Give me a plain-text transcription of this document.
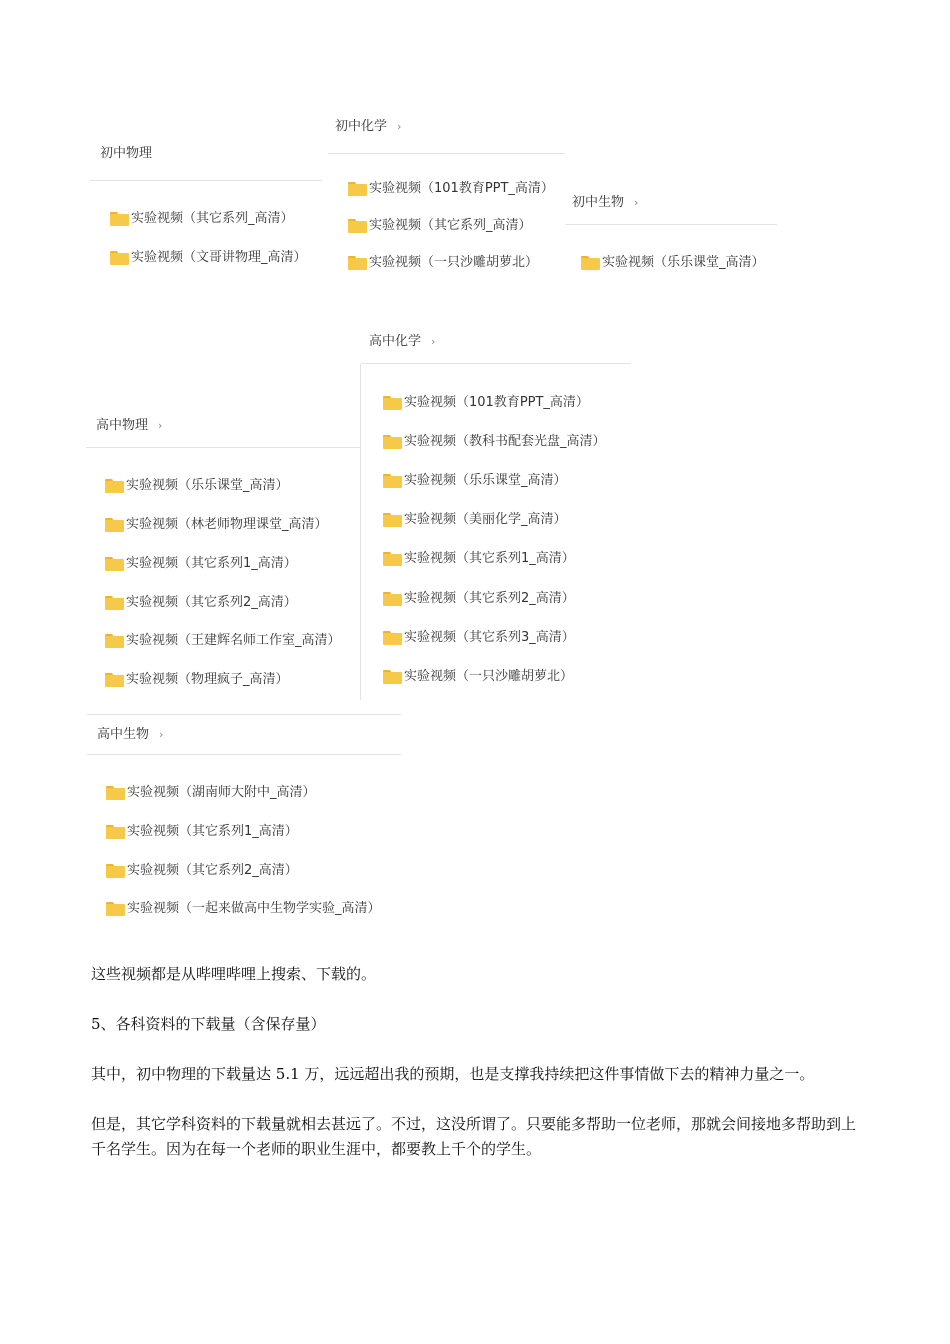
初中物理
实验视频（其它系列_高清）
实验视频（文哥讲物理_高清）
初中化学 ›
实验视频（101教育PPT_高清）
实验视频（其它系列_高清）
实验视频（一只沙雕胡萝北）
初中生物 ›
实验视频（乐乐课堂_高清）
高中化学 ›
实验视频（101教育PPT_高清）
实验视频（教科书配套光盘_高清）
实验视频（乐乐课堂_高清）
实验视频（美丽化学_高清）
实验视频（其它系列1_高清）
实验视频（其它系列2_高清）
实验视频（其它系列3_高清）
实验视频（一只沙雕胡萝北）
高中物理 ›
实验视频（乐乐课堂_高清）
实验视频（林老师物理课堂_高清）
实验视频（其它系列1_高清）
实验视频（其它系列2_高清）
实验视频（王建辉名师工作室_高清）
实验视频（物理疯子_高清）
高中生物 ›
实验视频（湖南师大附中_高清）
实验视频（其它系列1_高清）
实验视频（其它系列2_高清）
实验视频（一起来做高中生物学实验_高清）
这些视频都是从哔哩哔哩上搜索、下载的。
5、各科资料的下载量（含保存量）
其中，初中物理的下载量达 5.1 万，远远超出我的预期，也是支撑我持续把这件事情做下去的精神力量之一。
但是，其它学科资料的下载量就相去甚远了。不过，这没所谓了。只要能多帮助一位老师，那就会间接地多帮助到上千名学生。因为在每一个老师的职业生涯中，都要教上千个的学生。
